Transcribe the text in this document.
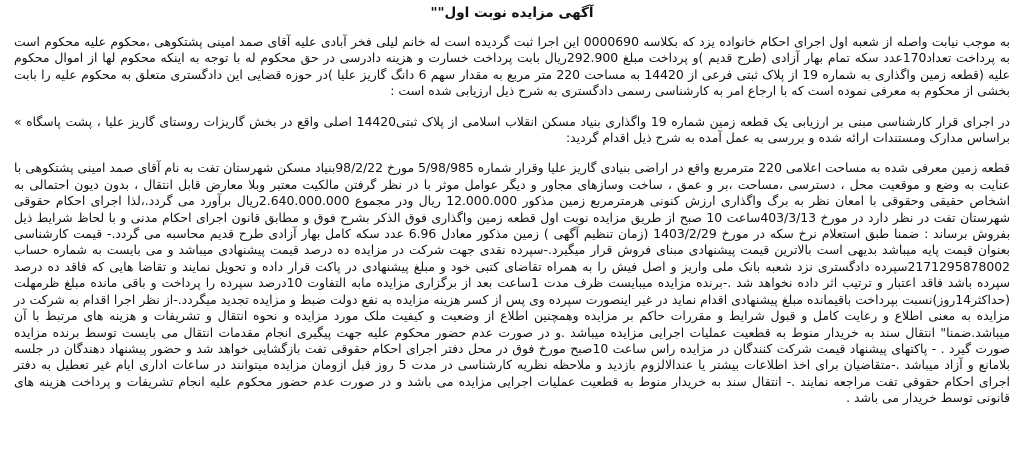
آگهی مزایده نوبت اول""

به موجب نیابت واصله از شعبه اول اجرای احکام خانواده یزد که بکلاسه 0000690 این اجرا ثبت گردیده است له خانم لیلی فخر آبادی علیه آقای صمد امینی پشتکوهی ،محکوم علیه محکوم است به پرداخت تعداد170عدد سکه تمام بهار آزادی (طرح قدیم )و پرداخت مبلغ 292.900ریال بابت پرداخت خسارت و هزینه دادرسی در حق محکوم له با توجه به اینکه محکوم لها از اموال محکوم علیه (قطعه زمین واگذاری به شماره 19 از پلاک ثبتی فرعی از 14420 به مساحت 220 متر مربع به مقدار سهم 6 دانگ گاریز علیا )در حوزه قضایی این دادگستری متعلق به محکوم علیه را بابت بخشی از محکوم به معرفی نموده است که با ارجاع امر به کارشناسی رسمی دادگستری به شرح ذیل ارزیابی شده است :

در اجرای قرار کارشناسی مبنی بر ارزیابی یک قطعه زمین شماره 19 واگذاری بنیاد مسکن انقلاب اسلامی از پلاک ثبتی14420 اصلی واقع در بخش گاریزات روستای گاریز علیا ، پشت پاسگاه » براساس مدارک ومستندات ارائه شده و بررسی به عمل آمده به شرح ذیل اقدام گردید:

قطعه زمین معرفی شده به مساحت اعلامی 220 مترمربع واقع در اراضی بنیادی گاریز علیا وقرار شماره 5/98/985 مورخ 98/2/22بنیاد مسکن شهرستان تفت به نام آقای صمد امینی پشتکوهی با عنایت به وضع و موقعیت محل ، دسترسی ،مساحت ،بر و عمق ، ساخت وسازهای مجاور و دیگر عوامل موثر با در نظر گرفتن مالکیت معتبر وبلا معارض قابل انتقال ، بدون دیون احتمالی به اشخاص حقیقی وحقوقی با امعان نظر به برگ واگذاری ارزش کنونی هرمترمربع زمین مذکور 12.000.000 ریال ودر مجموع 2.640.000.000ریال برآورد می گردد.،لذا اجرای احکام حقوقی شهرستان تفت در نظر دارد در مورخ 403/3/13ساعت 10 صبح از طریق مزایده نوبت اول قطعه زمین واگذاری فوق الذکر بشرح فوق و مطابق قانون اجرای احکام مدنی و با لحاظ شرایط ذیل بفروش برساند : ضمنا طبق استعلام نرخ سکه در مورخ 1403/2/29 (زمان تنظیم آگهی ) زمین مذکور معادل 6.96 عدد سکه کامل بهار آزادی طرح قدیم محاسبه می گردد.- قیمت کارشناسی بعنوان قیمت پایه میباشد بدیهی است بالاترین قیمت پیشنهادی مبنای فروش قرار میگیرد.-سپرده نقدی جهت شرکت در مزایده ده درصد قیمت پیشنهادی میباشد و می بایست به شماره حساب 2171295878002سپرده دادگستری نزد شعبه بانک ملی واریز و اصل فیش را به همراه تقاضای کتبی خود و مبلغ پیشنهادی در پاکت قرار داده و تحویل نمایند و تقاضا هایی که فاقد ده درصد سپرده باشد فاقد اعتبار و ترتیب اثر داده نخواهد شد .-برنده مزایده میبایست ظرف مدت 1ساعت بعد از برگزاری مزایده مابه التفاوت 10درصد سپرده را پرداخت و باقی مانده مبلغ ظرمهلت (حداکثر14روز)نسبت بپرداخت باقیمانده مبلغ پیشنهادی اقدام نماید در غیر اینصورت سپرده وی پس از کسر هزینه مزایده به نفع دولت ضبط و مزایده تجدید میگردد.-از نظر اجرا اقدام به شرکت در مزایده به معنی اطلاع و رعایت کامل و قبول شرایط و مقررات حاکم بر مزایده وهمچنین اطلاع از وضعیت و کیفیت ملک مورد مزایده و نحوه انتقال و تشریفات و هزینه های مرتبط با آن میباشد.ضمنا" انتقال سند به خریدار منوط به قطعیت عملیات اجرایی مزایده میباشد .و در صورت عدم حضور محکوم علیه جهت پیگیری انجام مقدمات انتقال می بایست توسط برنده مزایده صورت گیرد . - پاکتهای پیشنهاد قیمت شرکت کنندگان در مزایده راس ساعت 10صبح مورخ فوق در محل دفتر اجرای احکام حقوقی تفت بازگشایی خواهد شد و حضور پیشنهاد دهندگان در جلسه بلامانع و آزاد میباشد .-متقاضیان برای اخذ اطلاعات بیشتر یا عندالالزوم بازدید و ملاحظه نظریه کارشناسی در مدت 5 روز قبل ازومان مزایده میتوانند در ساعات اداری ایام غیر تعطیل به دفتر اجرای احکام حقوقی تفت مراجعه نمایند .- انتقال سند به خریدار منوط به قطعیت عملیات اجرایی مزایده می باشد و در صورت عدم حضور محکوم علیه انجام تشریفات و پرداخت هزینه های قانونی توسط خریدار می باشد .
